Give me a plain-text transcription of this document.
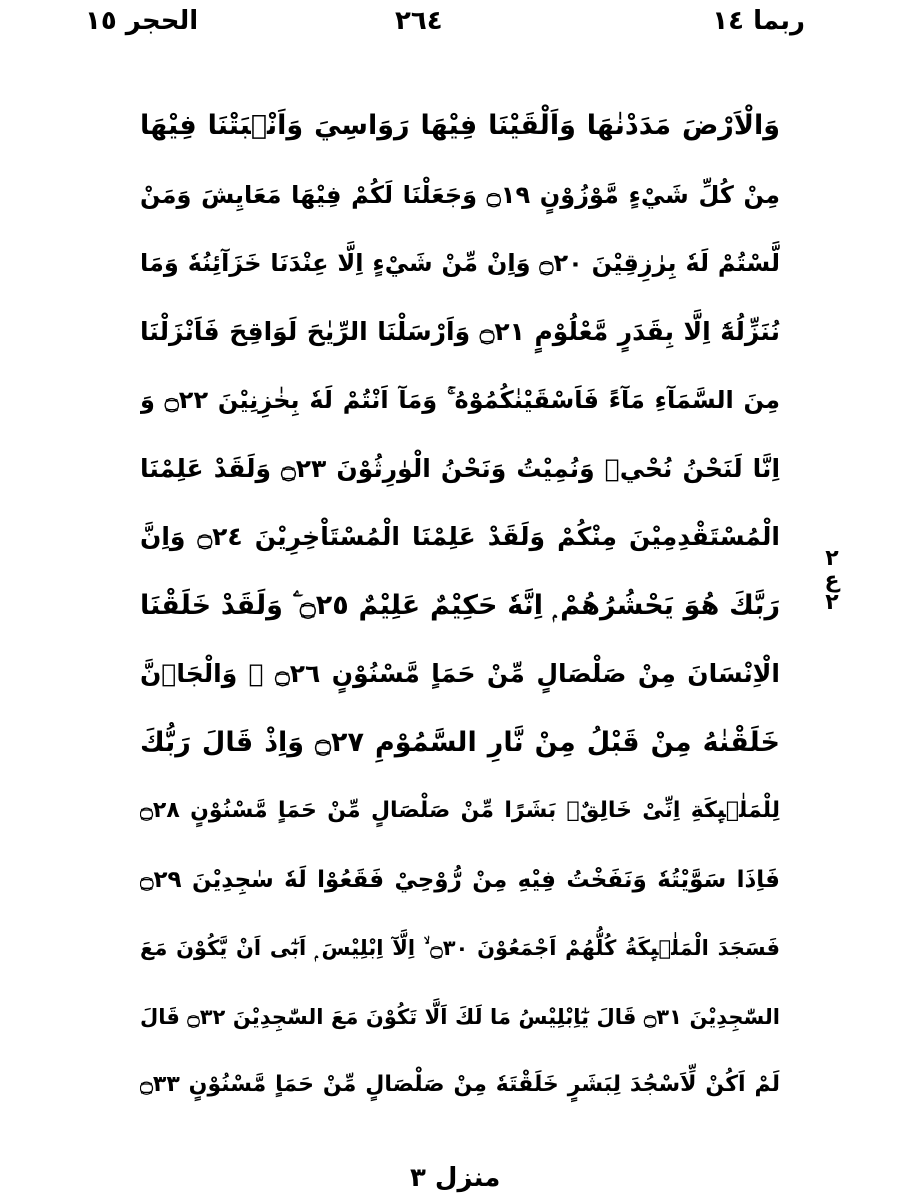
الحجر ١٥	٢٦٤	ربما ١٤
وَالْاَرْضَ مَدَدْنٰهَا وَاَلْقَيْنَا فِيْهَا رَوَاسِيَ وَاَنْۢبَتْنَا فِيْهَا
مِنْ كُلِّ شَيْءٍ مَّوْزُوْنٍ ۝١٩ وَجَعَلْنَا لَكُمْ فِيْهَا مَعَايِشَ وَمَنْ
لَّسْتُمْ لَهٗ بِرٰزِقِيْنَ ۝٢٠ وَاِنْ مِّنْ شَيْءٍ اِلَّا عِنْدَنَا خَزَآئِنُهٗ وَمَا
نُنَزِّلُهٗٓ اِلَّا بِقَدَرٍ مَّعْلُوْمٍ ۝٢١ وَاَرْسَلْنَا الرِّيٰحَ لَوَاقِحَ فَاَنْزَلْنَا
مِنَ السَّمَآءِ مَآءً فَاَسْقَيْنٰكُمُوْهُ ۚ وَمَآ اَنْتُمْ لَهٗ بِخٰزِنِيْنَ ۝٢٢ وَ
اِنَّا لَنَحْنُ نُحْيٖ وَنُمِيْتُ وَنَحْنُ الْوٰرِثُوْنَ ۝٢٣ وَلَقَدْ عَلِمْنَا
الْمُسْتَقْدِمِيْنَ مِنْكُمْ وَلَقَدْ عَلِمْنَا الْمُسْتَاْخِرِيْنَ ۝٢٤ وَاِنَّ
رَبَّكَ هُوَ يَحْشُرُهُمْ ۭ اِنَّهٗ حَكِيْمٌ عَلِيْمٌ ۝٢٥ ۧ وَلَقَدْ خَلَقْنَا
الْاِنْسَانَ مِنْ صَلْصَالٍ مِّنْ حَمَاٍ مَّسْنُوْنٍ ۝٢٦ ۚ وَالْجَاۗنَّ
خَلَقْنٰهُ مِنْ قَبْلُ مِنْ نَّارِ السَّمُوْمِ ۝٢٧ وَاِذْ قَالَ رَبُّكَ
لِلْمَلٰۗىِٕكَةِ اِنِّىْ خَالِقٌۢ بَشَرًا مِّنْ صَلْصَالٍ مِّنْ حَمَاٍ مَّسْنُوْنٍ ۝٢٨
فَاِذَا سَوَّيْتُهٗ وَنَفَخْتُ فِيْهِ مِنْ رُّوْحِيْ فَقَعُوْا لَهٗ سٰجِدِيْنَ ۝٢٩
فَسَجَدَ الْمَلٰۗىِٕكَةُ كُلُّهُمْ اَجْمَعُوْنَ ۝٣٠ ۙ اِلَّآ اِبْلِيْسَ ۭ اَبٰٓى اَنْ يَّكُوْنَ مَعَ
السّٰجِدِيْنَ ۝٣١ قَالَ يٰٓاِبْلِيْسُ مَا لَكَ اَلَّا تَكُوْنَ مَعَ السّٰجِدِيْنَ ۝٣٢ قَالَ
لَمْ اَكُنْ لِّاَسْجُدَ لِبَشَرٍ خَلَقْتَهٗ مِنْ صَلْصَالٍ مِّنْ حَمَاٍ مَّسْنُوْنٍ ۝٣٣
٢
ع
٢
منزل ٣
